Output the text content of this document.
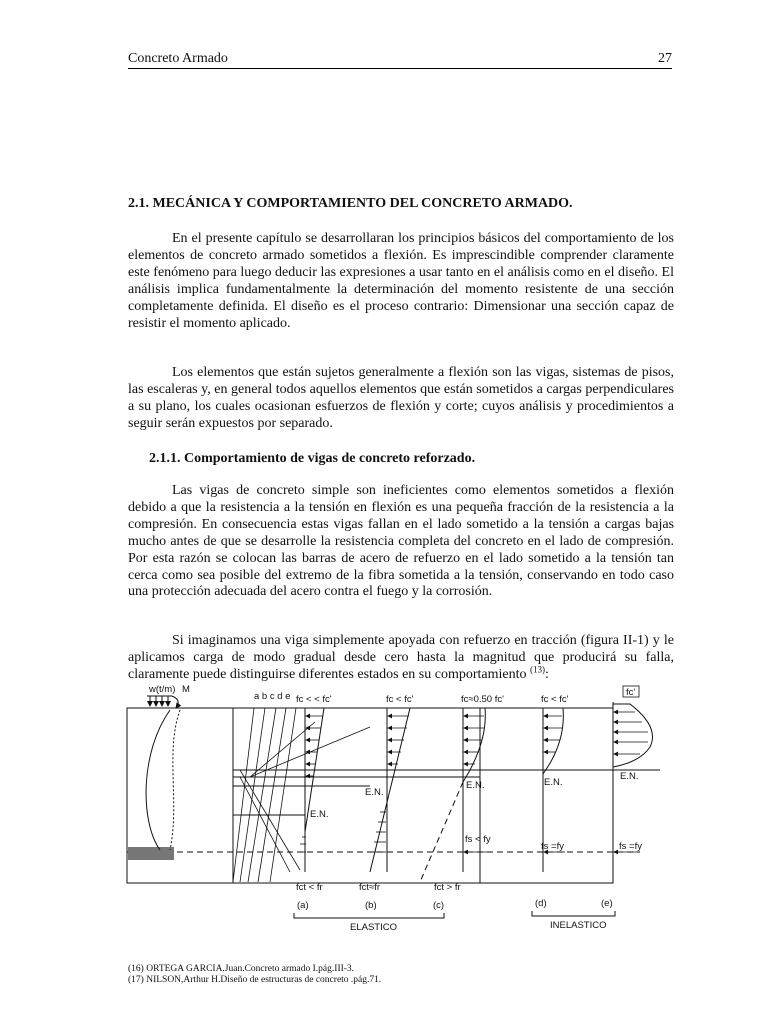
Concreto Armado	27
2.1. MECÁNICA Y COMPORTAMIENTO DEL CONCRETO ARMADO.
En el presente capítulo se desarrollaran los principios básicos del comportamiento de los elementos de concreto armado sometidos a flexión. Es imprescindible comprender claramente este fenómeno para luego deducir las expresiones a usar tanto en el análisis como en el diseño. El análisis implica fundamentalmente la determinación del momento resistente de una sección completamente definida. El diseño es el proceso contrario: Dimensionar una sección capaz de resistir el momento aplicado.
Los elementos que están sujetos generalmente a flexión son las vigas, sistemas de pisos, las escaleras y, en general todos aquellos elementos que están sometidos a cargas perpendiculares a su plano, los cuales ocasionan esfuerzos de flexión y corte; cuyos análisis y procedimientos a seguir serán expuestos por separado.
2.1.1. Comportamiento de vigas de concreto reforzado.
Las vigas de concreto simple son ineficientes como elementos sometidos a flexión debido a que la resistencia a la tensión en flexión es una pequeña fracción de la resistencia a la compresión. En consecuencia estas vigas fallan en el lado sometido a la tensión a cargas bajas mucho antes de que se desarrolle la resistencia completa del concreto en el lado de compresión. Por esta razón se colocan las barras de acero de refuerzo en el lado sometido a la tensión tan cerca como sea posible del extremo de la fibra sometida a la tensión, conservando en todo caso una protección adecuada del acero contra el fuego y la corrosión.
Si imaginamos una viga simplemente apoyada con refuerzo en tracción (figura II-1) y le aplicamos carga de modo gradual desde cero hasta la magnitud que producirá su falla, claramente puede distinguirse diferentes estados en su comportamiento $^{(13)}$:
w(t/m) M
a b c d e
E.N.
fc < < fc'
E.N.
fc < fc'
E.N.
fs < fy
fc≈0.50 fc'
E.N.
fs =fy
fc < fc'
fc'
E.N.
fs =fy
fct < fr	fct≈fr	fct > fr
(a)	(b)	(c)	(d)	(e)
ELASTICO	INELASTICO
(16) ORTEGA GARCIA.Juan.Concreto armado I.pág.III-3.
(17) NILSON,Arthur H.Diseño de estructuras de concreto .pág.71.
